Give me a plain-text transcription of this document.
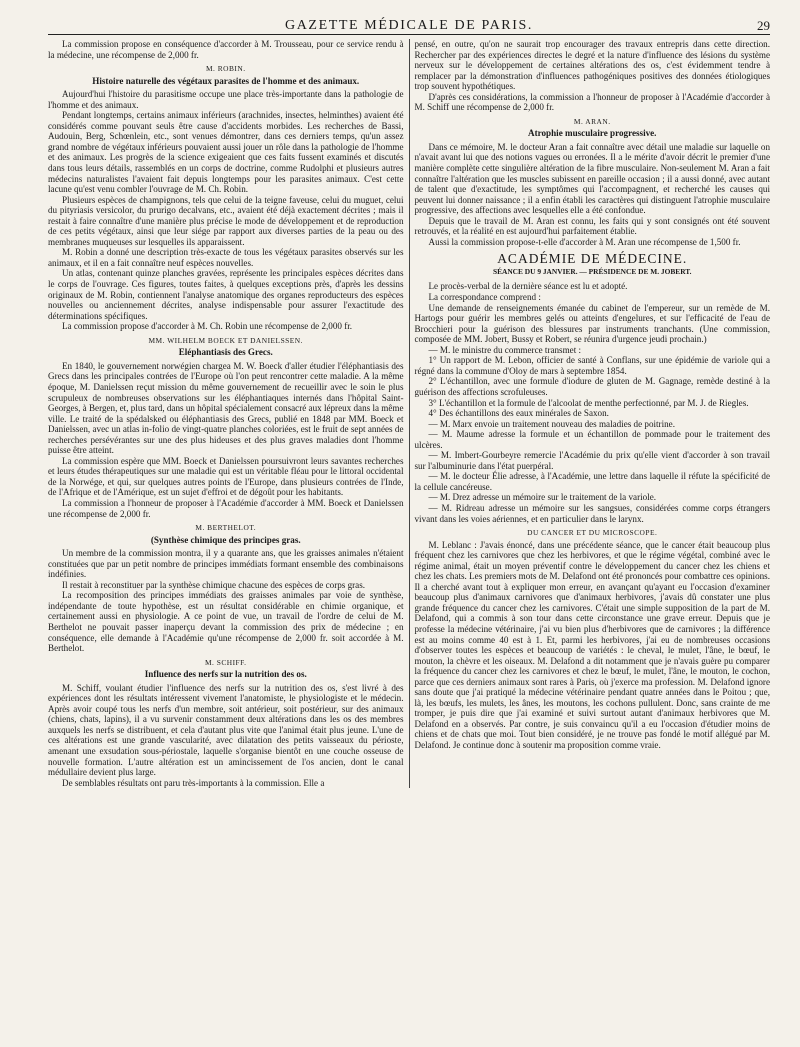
GAZETTE MÉDICALE DE PARIS.	29

La commission propose en conséquence d'accorder à M. Trousseau, pour ce service rendu à la médecine, une récompense de 2,000 fr.

M. ROBIN.

Histoire naturelle des végétaux parasites de l'homme et des animaux.

Aujourd'hui l'histoire du parasitisme occupe une place très-importante dans la pathologie de l'homme et des animaux.

Pendant longtemps, certains animaux inférieurs (arachnides, insectes, helminthes) avaient été considérés comme pouvant seuls être cause d'accidents morbides. Les recherches de Bassi, Audouin, Berg, Schœnlein, etc., sont venues démontrer, dans ces derniers temps, qu'un assez grand nombre de végétaux inférieurs pouvaient aussi jouer un rôle dans la pathologie de l'homme et des animaux. Les progrès de la science exigeaient que ces faits fussent examinés et discutés dans tous leurs détails, rassemblés en un corps de doctrine, comme Rudolphi et plusieurs autres médecins naturalistes l'avaient fait depuis longtemps pour les parasites animaux. C'est cette lacune qu'est venu combler l'ouvrage de M. Ch. Robin.

Plusieurs espèces de champignons, tels que celui de la teigne faveuse, celui du muguet, celui du pityriasis versicolor, du prurigo decalvans, etc., avaient été déjà exactement décrites ; mais il restait à faire connaître d'une manière plus précise le mode de développement et de reproduction de ces petits végétaux, ainsi que leur siége par rapport aux diverses parties de la peau ou des membranes muqueuses sur lesquelles ils apparaissent.

M. Robin a donné une description très-exacte de tous les végétaux parasites observés sur les animaux, et il en a fait connaître neuf espèces nouvelles.

Un atlas, contenant quinze planches gravées, représente les principales espèces décrites dans le corps de l'ouvrage. Ces figures, toutes faites, à quelques exceptions près, d'après les dessins originaux de M. Robin, contiennent l'analyse anatomique des organes reproducteurs des espèces nouvelles ou anciennement décrites, analyse indispensable pour assurer l'exactitude des déterminations spécifiques.

La commission propose d'accorder à M. Ch. Robin une récompense de 2,000 fr.

MM. WILHELM BOECK ET DANIELSSEN.

Eléphantiasis des Grecs.

En 1840, le gouvernement norwégien chargea M. W. Boeck d'aller étudier l'éléphantiasis des Grecs dans les principales contrées de l'Europe où l'on peut rencontrer cette maladie. A la même époque, M. Danielssen reçut mission du même gouvernement de recueillir avec le soin le plus scrupuleux de nombreuses observations sur les éléphantiaques internés dans l'hôpital Saint-Georges, à Bergen, et, plus tard, dans un hôpital spécialement consacré aux lépreux dans la même ville. Le traité de la spédalsked ou éléphantiasis des Grecs, publié en 1848 par MM. Boeck et Danielssen, avec un atlas in-folio de vingt-quatre planches coloriées, est le fruit de sept années de recherches persévérantes sur une des plus hideuses et des plus graves maladies dont l'homme puisse être atteint.

La commission espère que MM. Boeck et Danielssen poursuivront leurs savantes recherches et leurs études thérapeutiques sur une maladie qui est un véritable fléau pour le littoral occidental de la Norwége, et qui, sur quelques autres points de l'Europe, dans plusieurs contrées de l'Inde, de l'Afrique et de l'Amérique, est un sujet d'effroi et de dégoût pour les habitants.

La commission a l'honneur de proposer à l'Académie d'accorder à MM. Boeck et Danielssen une récompense de 2,000 fr.

M. BERTHELOT.

(Synthèse chimique des principes gras.

Un membre de la commission montra, il y a quarante ans, que les graisses animales n'étaient constituées que par un petit nombre de principes immédiats formant ensemble des combinaisons indéfinies.

Il restait à reconstituer par la synthèse chimique chacune des espèces de corps gras.

La recomposition des principes immédiats des graisses animales par voie de synthèse, indépendante de toute hypothèse, est un résultat considérable en chimie organique, et certainement aussi en physiologie. A ce point de vue, un travail de l'ordre de celui de M. Berthelot ne pouvait passer inaperçu devant la commission des prix de médecine ; en conséquence, elle demande à l'Académie qu'une récompense de 2,000 fr. soit accordée à M. Berthelot.

M. SCHIFF.

Influence des nerfs sur la nutrition des os.

M. Schiff, voulant étudier l'influence des nerfs sur la nutrition des os, s'est livré à des expériences dont les résultats intéressent vivement l'anatomiste, le physiologiste et le médecin. Après avoir coupé tous les nerfs d'un membre, soit antérieur, soit postérieur, sur des animaux (chiens, chats, lapins), il a vu survenir constamment deux altérations dans les os des membres auxquels les nerfs se distribuent, et cela d'autant plus vite que l'animal était plus jeune. L'une de ces altérations est une grande vascularité, avec dilatation des petits vaisseaux du périoste, amenant une exsudation sous-périostale, laquelle s'organise bientôt en une couche osseuse de nouvelle formation. L'autre altération est un amincissement de l'os ancien, dont le canal médullaire devient plus large.

De semblables résultats ont paru très-importants à la commission. Elle a

pensé, en outre, qu'on ne saurait trop encourager des travaux entrepris dans cette direction. Rechercher par des expériences directes le degré et la nature d'influence des lésions du système nerveux sur le développement de certaines altérations des os, c'est évidemment tendre à remplacer par la démonstration d'influences pathogéniques positives des données étiologiques trop souvent hypothétiques.

D'après ces considérations, la commission a l'honneur de proposer à l'Académie d'accorder à M. Schiff une récompense de 2,000 fr.

M. ARAN.

Atrophie musculaire progressive.

Dans ce mémoire, M. le docteur Aran a fait connaître avec détail une maladie sur laquelle on n'avait avant lui que des notions vagues ou erronées. Il a le mérite d'avoir décrit le premier d'une manière complète cette singulière altération de la fibre musculaire. Non-seulement M. Aran a fait connaître l'altération que les muscles subissent en pareille occasion ; il a aussi donné, avec autant de talent que d'exactitude, les symptômes qui l'accompagnent, et recherché les causes qui peuvent lui donner naissance ; il a enfin établi les caractères qui distinguent l'atrophie musculaire progressive, des affections avec lesquelles elle a été confondue.

Depuis que le travail de M. Aran est connu, les faits qui y sont consignés ont été souvent retrouvés, et la réalité en est aujourd'hui parfaitement établie.

Aussi la commission propose-t-elle d'accorder à M. Aran une récompense de 1,500 fr.

ACADÉMIE DE MÉDECINE.

SÉANCE DU 9 JANVIER. — PRÉSIDENCE DE M. JOBERT.

Le procès-verbal de la dernière séance est lu et adopté.

La correspondance comprend :

Une demande de renseignements émanée du cabinet de l'empereur, sur un remède de M. Hartogs pour guérir les membres gelés ou atteints d'engelures, et sur l'efficacité de l'eau de Brocchieri pour la guérison des blessures par instruments tranchants. (Une commission, composée de MM. Jobert, Bussy et Robert, se réunira d'urgence jeudi prochain.)

— M. le ministre du commerce transmet :

1° Un rapport de M. Lebon, officier de santé à Conflans, sur une épidémie de variole qui a régné dans la commune d'Oloy de mars à septembre 1854.

2° L'échantillon, avec une formule d'iodure de gluten de M. Gagnage, remède destiné à la guérison des affections scrofuleuses.

3° L'échantillon et la formule de l'alcoolat de menthe perfectionné, par M. J. de Riegles.

4° Des échantillons des eaux minérales de Saxon.

— M. Marx envoie un traitement nouveau des maladies de poitrine.

— M. Maume adresse la formule et un échantillon de pommade pour le traitement des ulcères.

— M. Imbert-Gourbeyre remercie l'Académie du prix qu'elle vient d'accorder à son travail sur l'albuminurie dans l'état puerpéral.

— M. le docteur Élie adresse, à l'Académie, une lettre dans laquelle il réfute la spécificité de la cellule cancéreuse.

— M. Drez adresse un mémoire sur le traitement de la variole.

— M. Ridreau adresse un mémoire sur les sangsues, considérées comme corps étrangers vivant dans les voies aériennes, et en particulier dans le larynx.

DU CANCER ET DU MICROSCOPE.

M. Leblanc : J'avais énoncé, dans une précédente séance, que le cancer était beaucoup plus fréquent chez les carnivores que chez les herbivores, et que le régime végétal, combiné avec le régime animal, était un moyen préventif contre le développement du cancer chez les chiens et chez les chats. Les premiers mots de M. Delafond ont été prononcés pour combattre ces opinions. Il a cherché avant tout à expliquer mon erreur, en avançant qu'ayant eu l'occasion d'examiner beaucoup plus d'animaux carnivores que d'animaux herbivores, j'avais dû constater une plus grande fréquence du cancer chez les carnivores. C'était une simple supposition de la part de M. Delafond, qui a commis à son tour dans cette circonstance une grave erreur. Depuis que je professe la médecine vétérinaire, j'ai vu bien plus d'herbivores que de carnivores ; la différence est au moins comme 40 est à 1. Et, parmi les herbivores, j'ai eu de nombreuses occasions d'observer toutes les espèces et beaucoup de variétés : le cheval, le mulet, l'âne, le bœuf, le mouton, la chèvre et les oiseaux. M. Delafond a dit notamment que je n'avais guère pu comparer la fréquence du cancer chez les carnivores et chez le bœuf, le mulet, l'âne, le mouton, le cochon, parce que ces derniers animaux sont rares à Paris, où j'exerce ma profession. M. Delafond ignore sans doute que j'ai pratiqué la médecine vétérinaire pendant quatre années dans le Poitou ; que, là, les bœufs, les mulets, les ânes, les moutons, les cochons pullulent. Donc, sans crainte de me tromper, je puis dire que j'ai examiné et suivi surtout autant d'animaux herbivores que M. Delafond en a observés. Par contre, je suis convaincu qu'il a eu l'occasion d'étudier moins de chiens et de chats que moi. Tout bien considéré, je ne trouve pas fondé le motif allégué par M. Delafond. Je continue donc à soutenir ma proposition comme vraie.
